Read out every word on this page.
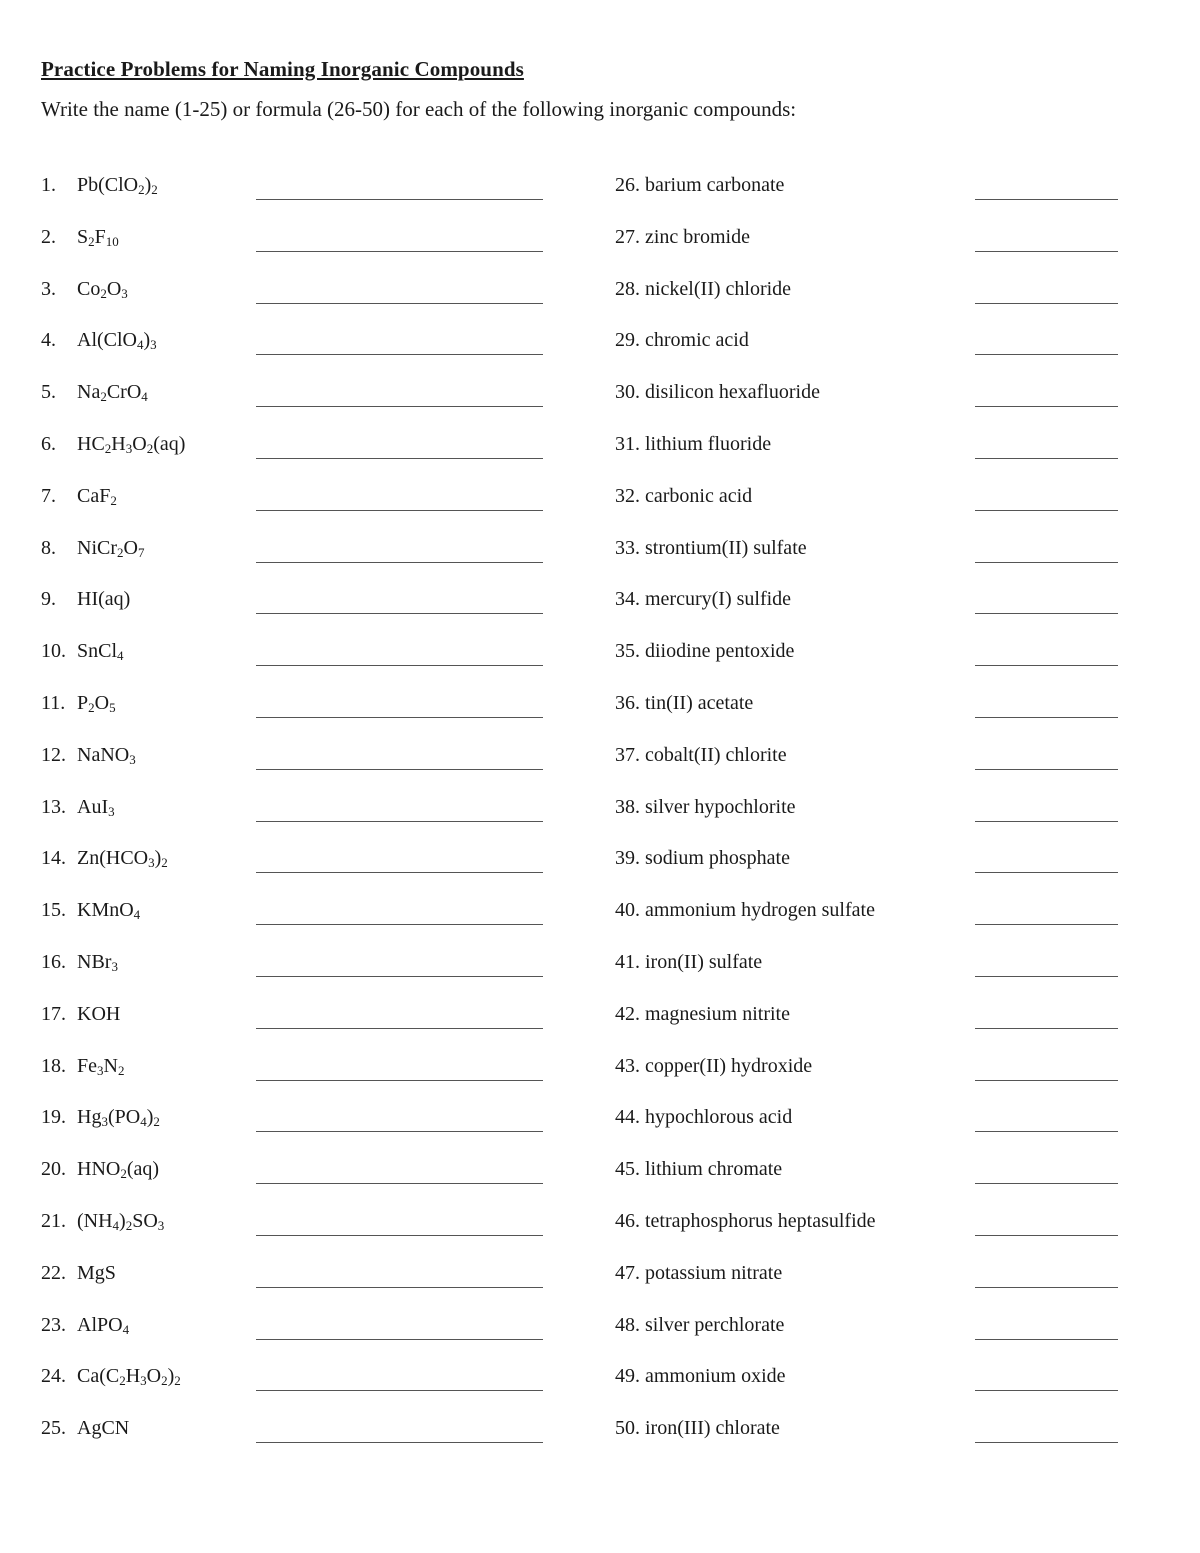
Practice Problems for Naming Inorganic Compounds
Write the name (1-25) or formula (26-50) for each of the following inorganic compounds:
1. $Pb(ClO_2)_2$
2. $S_2F_{10}$
3. $Co_2O_3$
4. $Al(ClO_4)_3$
5. $Na_2CrO_4$
6. $HC_2H_3O_2(aq)$
7. CaF$_2$
8. $NiCr_2O_7$
9. HI(aq)
10. SnCl$_4$
11. $P_2O_5$
12. NaNO$_3$
13. AuI$_3$
14. $Zn(HCO_3)_2$
15. KMnO$_4$
16. NBr$_3$
17. KOH
18. $Fe_3N_2$
19. $Hg_3(PO_4)_2$
20. $HNO_2(aq)$
21. $(NH_4)_2SO_3$
22. MgS
23. AlPO$_4$
24. $Ca(C_2H_3O_2)_2$
25. AgCN
26. barium carbonate
27. zinc bromide
28. nickel(II) chloride
29. chromic acid
30. disilicon hexafluoride
31. lithium fluoride
32. carbonic acid
33. strontium(II) sulfate
34. mercury(I) sulfide
35. diiodine pentoxide
36. tin(II) acetate
37. cobalt(II) chlorite
38. silver hypochlorite
39. sodium phosphate
40. ammonium hydrogen sulfate
41. iron(II) sulfate
42. magnesium nitrite
43. copper(II) hydroxide
44. hypochlorous acid
45. lithium chromate
46. tetraphosphorus heptasulfide
47. potassium nitrate
48. silver perchlorate
49. ammonium oxide
50. iron(III) chlorate
